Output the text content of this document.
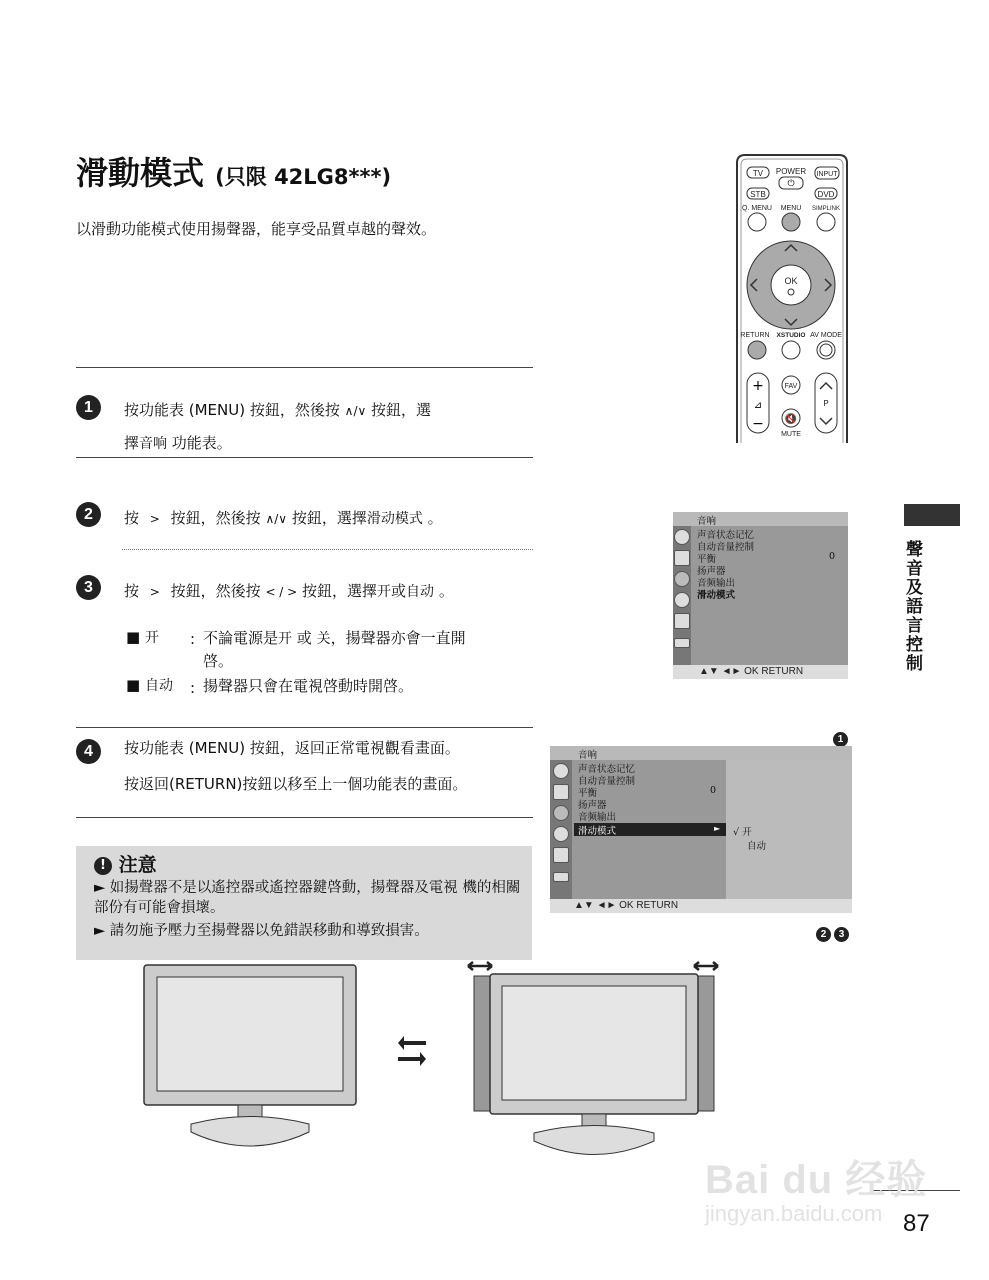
滑動模式 (只限 42LG8***)
以滑動功能模式使用揚聲器，能享受品質卓越的聲效。
1	按功能表 (MENU) 按鈕，然後按 ∧/∨ 按鈕，選
擇音响 功能表。
2	按 > 按鈕，然後按 ∧/∨ 按鈕，選擇滑动模式 。
3	按 > 按鈕，然後按 < / > 按鈕，選擇开或自动 。
■ 开 : 不論電源是开 或 关，揚聲器亦會一直開
啓。
■ 自动 : 揚聲器只會在電視啓動時開啓。
4	按功能表 (MENU) 按鈕，返回正常電視觀看畫面。
按返回(RETURN)按鈕以移至上一個功能表的畫面。
! 注意
► 如揚聲器不是以遙控器或遙控器鍵啓動，揚聲器及電視 機的相關部份有可能會損壞。
► 請勿施予壓力至揚聲器以免錯誤移動和導致損害。
聲音及語言控制
TV POWER
⏻
INPUT
STB	DVD
Q. MENU MENU SIMPLINK
OK
RETURN XSTUDIO AV MODE
+
⊿
−
FAV
🔇
MUTE
P
音响
声音状态记忆
自动音量控制
平衡	0
扬声器
音频输出
滑动模式
▲▼ ◄► OK RETURN
1
音响
声音状态记忆
自动音量控制
平衡	0
扬声器
音频输出
滑动模式	► √ 开
自动
▲▼ ◄► OK RETURN
2	3
Bai du 经验
jingyan.baidu.com 87
